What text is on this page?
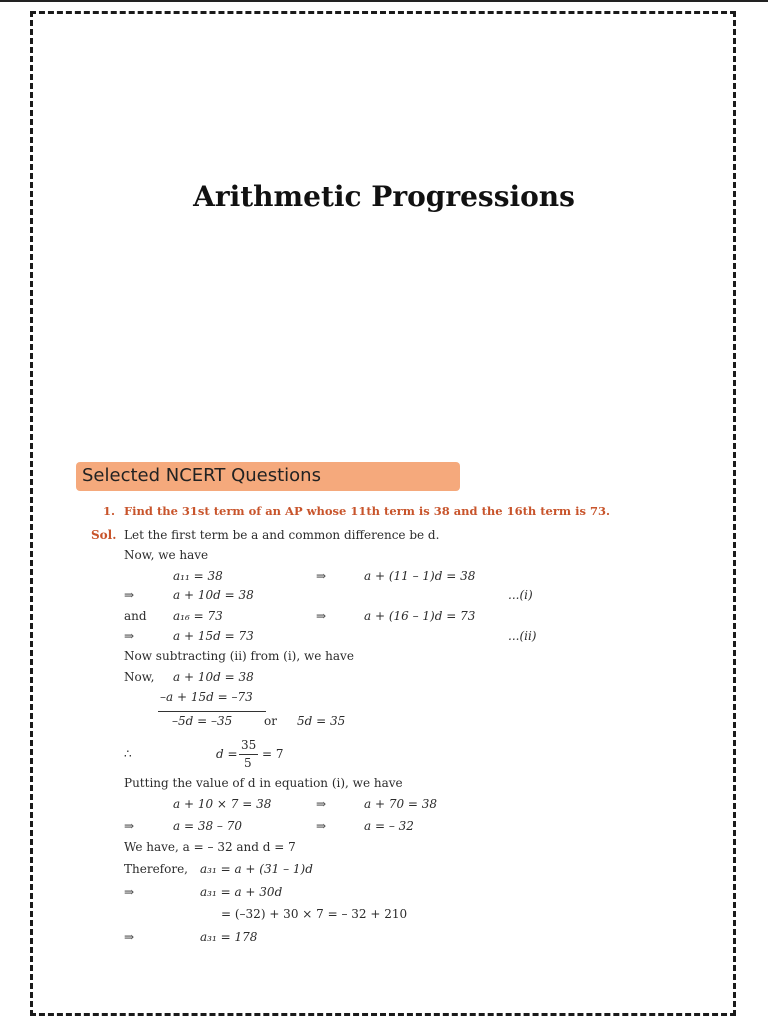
Arithmetic Progressions
Selected NCERT Questions
1. Find the 31st term of an AP whose 11th term is 38 and the 16th term is 73.
Sol. Let the first term be a and common difference be d.
Now, we have
a₁₁ = 38	⇒	a + (11 – 1)d = 38
⇒	a + 10d = 38	...(i)
and a₁₆ = 73	⇒	a + (16 – 1)d = 73
⇒	a + 15d = 73	...(ii)
Now subtracting (ii) from (i), we have
Now, a + 10d = 38
–a + 15d = –73
–5d = –35	or 5d = 35
∴	d =
35
5
= 7
Putting the value of d in equation (i), we have
a + 10 × 7 = 38	⇒	a + 70 = 38
⇒	a = 38 – 70	⇒	a = – 32
We have, a = – 32 and d = 7
Therefore, a₃₁ = a + (31 – 1)d
⇒	a₃₁ = a + 30d
= (–32) + 30 × 7 = – 32 + 210
⇒	a₃₁ = 178
